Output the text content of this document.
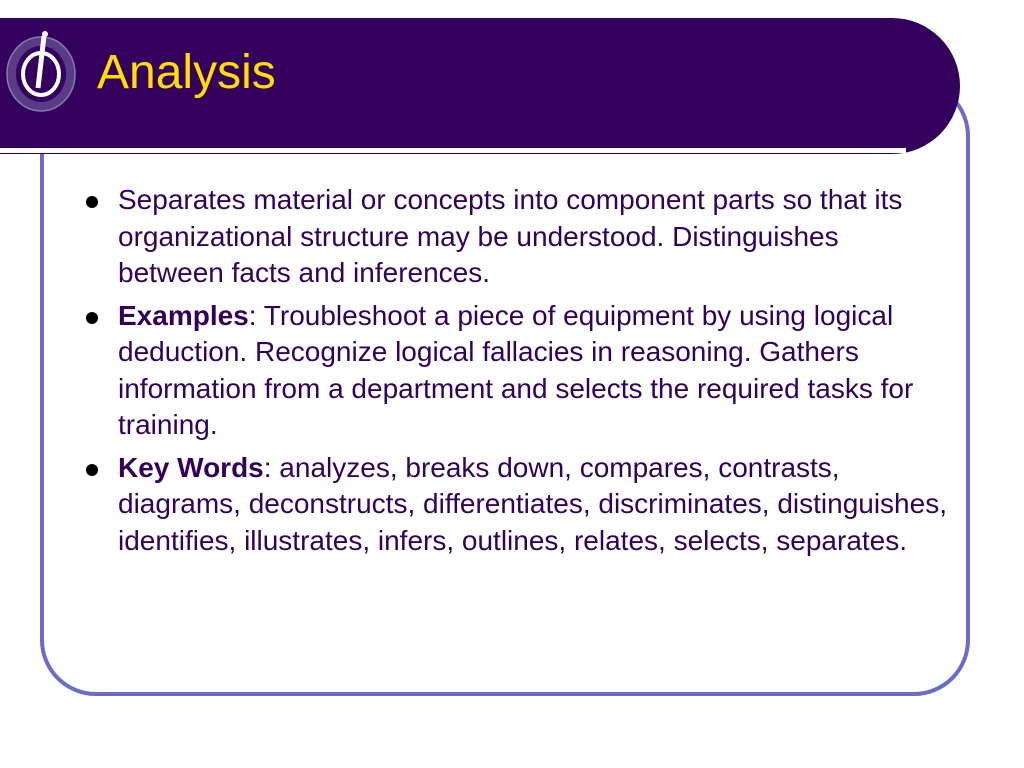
Analysis
Separates material or concepts into component parts so that its organizational structure may be understood. Distinguishes between facts and inferences.
Examples: Troubleshoot a piece of equipment by using logical deduction. Recognize logical fallacies in reasoning. Gathers information from a department and selects the required tasks for training.
Key Words: analyzes, breaks down, compares, contrasts, diagrams, deconstructs, differentiates, discriminates, distinguishes, identifies, illustrates, infers, outlines, relates, selects, separates.
